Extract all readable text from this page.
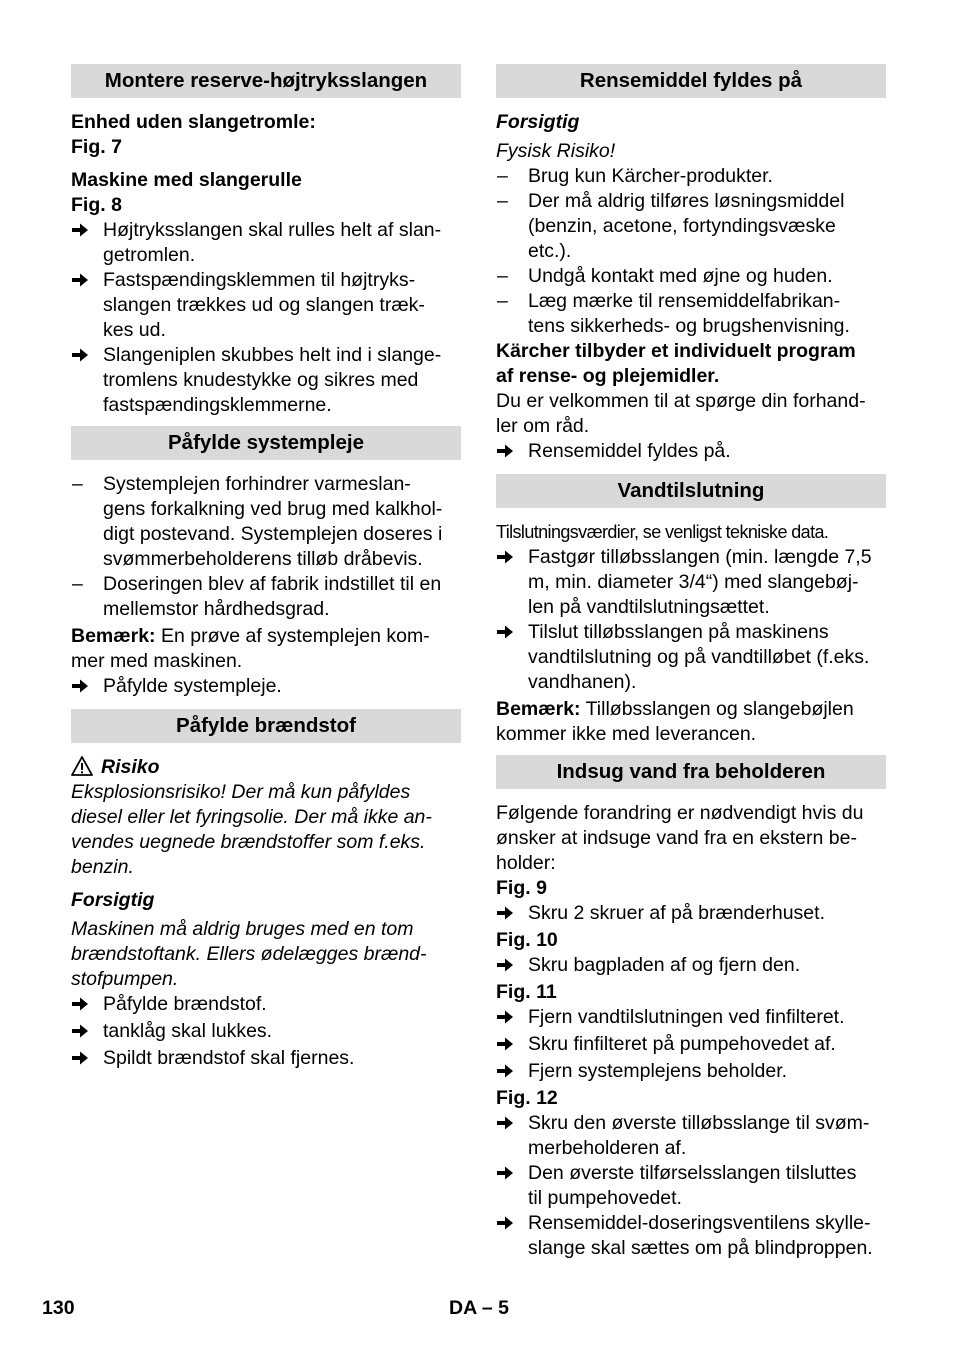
Montere reserve-højtryksslangen

Enhed uden slangetromle:

Fig. 7

Maskine med slangerulle

Fig. 8

Højtryksslangen skal rulles helt af slan-
getromlen.
Fastspændingsklemmen til højtryks-
slangen trækkes ud og slangen træk-
kes ud.
Slangeniplen skubbes helt ind i slange-
tromlens knudestykke og sikres med
fastspændingsklemmerne.
Påfylde systempleje
–	Systemplejen forhindrer varmeslan-
gens forkalkning ved brug med kalkhol-
digt postevand. Systemplejen doseres i
svømmerbeholderens tilløb dråbevis.
–	Doseringen blev af fabrik indstillet til en
mellemstor hårdhedsgrad.

Bemærk: En prøve af systemplejen kom-

mer med maskinen.

Påfylde systempleje.
Påfylde brændstof

Risiko

Eksplosionsrisiko! Der må kun påfyldes
diesel eller let fyringsolie. Der må ikke an-
vendes uegnede brændstoffer som f.eks.
benzin.

Forsigtig

Maskinen må aldrig bruges med en tom
brændstoftank. Ellers ødelægges brænd-
stofpumpen.
Påfylde brændstof.
tanklåg skal lukkes.
Spildt brændstof skal fjernes.
Rensemiddel fyldes på

Forsigtig

Fysisk Risiko!

–	Brug kun Kärcher-produkter.
–	Der må aldrig tilføres løsningsmiddel
(benzin, acetone, fortyndingsvæske
etc.).
–	Undgå kontakt med øjne og huden.
–	Læg mærke til rensemiddelfabrikan-
tens sikkerheds- og brugshenvisning.
Kärcher tilbyder et individuelt program
af rense- og plejemidler.
Du er velkommen til at spørge din forhand-
ler om råd.
Rensemiddel fyldes på.
Vandtilslutning

Tilslutningsværdier, se venligst tekniske data.

Fastgør tilløbsslangen (min. længde 7,5
m, min. diameter 3/4“) med slangebøj-
len på vandtilslutningsættet.
Tilslut tilløbsslangen på maskinens
vandtilslutning og på vandtilløbet (f.eks.
vandhanen).

Bemærk: Tilløbsslangen og slangebøjlen

kommer ikke med leverancen.

Indsug vand fra beholderen
Følgende forandring er nødvendigt hvis du
ønsker at indsuge vand fra en ekstern be-
holder:

Fig. 9

Skru 2 skruer af på brænderhuset.

Fig. 10

Skru bagpladen af og fjern den.

Fig. 11

Fjern vandtilslutningen ved finfilteret.
Skru finfilteret på pumpehovedet af.
Fjern systemplejens beholder.

Fig. 12

Skru den øverste tilløbsslange til svøm-
merbeholderen af.
Den øverste tilførselsslangen tilsluttes
til pumpehovedet.
Rensemiddel-doseringsventilens skylle-
slange skal sættes om på blindproppen.
130	DA – 5
